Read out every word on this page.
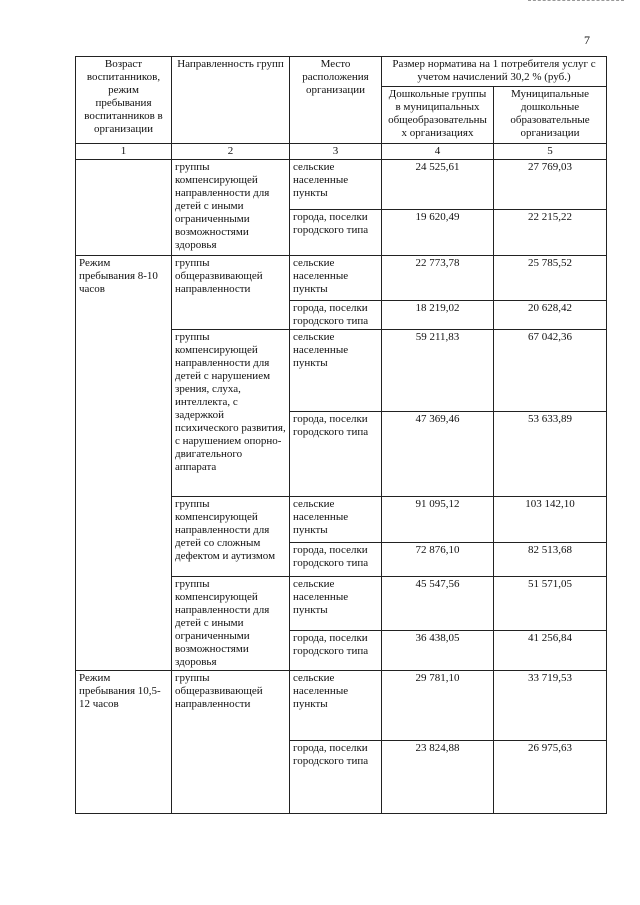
7
Возраст воспитанников, режим пребывания воспитанников в организации	Направленность групп	Место расположения организации	Размер норматива на 1 потребителя услуг с учетом начислений 30,2 % (руб.)	
			Дошкольные группы в муниципальных общеобразовательны х организациях	Муниципальные дошкольные образовательные организации
1	2	3	4	5
	группы компенсирующей направленности для детей с иными ограниченными возможностями здоровья	сельские населенные пункты	24 525,61	27 769,03
		города, поселки городского типа	19 620,49	22 215,22
Режим пребывания 8-10 часов	группы общеразвивающей направленности	сельские населенные пункты	22 773,78	25 785,52
		города, поселки городского типа	18 219,02	20 628,42
	группы компенсирующей направленности для детей с нарушением зрения, слуха, интеллекта, с задержкой психического развития, с нарушением опорно-двигательного аппарата	сельские населенные пункты	59 211,83	67 042,36
		города, поселки городского типа	47 369,46	53 633,89
	группы компенсирующей направленности для детей со сложным дефектом и аутизмом	сельские населенные пункты	91 095,12	103 142,10
		города, поселки городского типа	72 876,10	82 513,68
	группы компенсирующей направленности для детей с иными ограниченными возможностями здоровья	сельские населенные пункты	45 547,56	51 571,05
		города, поселки городского типа	36 438,05	41 256,84
Режим пребывания 10,5-12 часов	группы общеразвивающей направленности	сельские населенные пункты	29 781,10	33 719,53
		города, поселки городского типа	23 824,88	26 975,63
